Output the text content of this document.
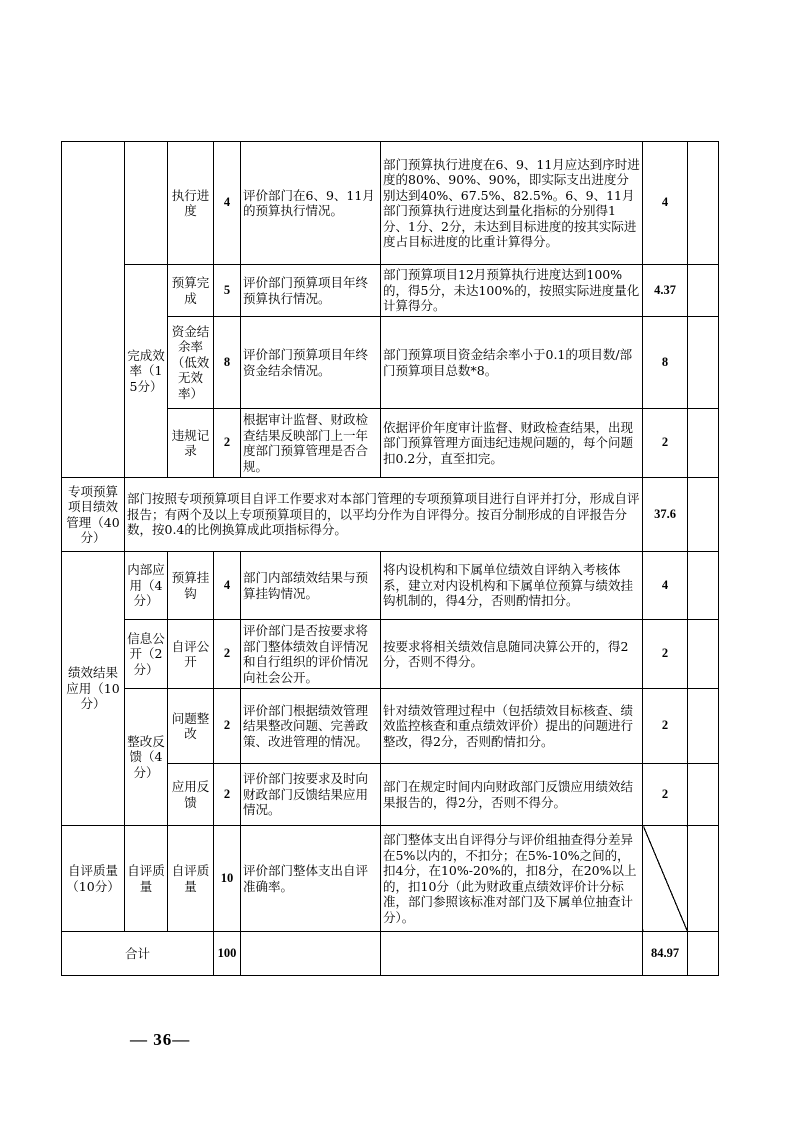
		执行进度	4	评价部门在6、9、11月的预算执行情况。	部门预算执行进度在6、9、11月应达到序时进度的80%、90%、90%，即实际支出进度分别达到40%、67.5%、82.5%。6、9、11月部门预算执行进度达到量化指标的分别得1分、1分、2分，未达到目标进度的按其实际进度占目标进度的比重计算得分。	4	
	完成效率（15分）	预算完成	5	评价部门预算项目年终预算执行情况。	部门预算项目12月预算执行进度达到100%的，得5分，未达100%的，按照实际进度量化计算得分。	4.37	
		资金结余率（低效无效率）	8	评价部门预算项目年终资金结余情况。	部门预算项目资金结余率小于0.1的项目数/部门预算项目总数*8。	8	
		违规记录	2	根据审计监督、财政检查结果反映部门上一年度部门预算管理是否合规。	依据评价年度审计监督、财政检查结果，出现部门预算管理方面违纪违规问题的，每个问题扣0.2分，直至扣完。	2	
专项预算项目绩效管理（40分）	部门按照专项预算项目自评工作要求对本部门管理的专项预算项目进行自评并打分，形成自评报告；有两个及以上专项预算项目的，以平均分作为自评得分。按百分制形成的自评报告分数，按0.4的比例换算成此项指标得分。					37.6	
绩效结果应用（10分）	内部应用（4分）	预算挂钩	4	部门内部绩效结果与预算挂钩情况。	将内设机构和下属单位绩效自评纳入考核体系，建立对内设机构和下属单位预算与绩效挂钩机制的，得4分，否则酌情扣分。	4	
	信息公开（2分）	自评公开	2	评价部门是否按要求将部门整体绩效自评情况和自行组织的评价情况向社会公开。	按要求将相关绩效信息随同决算公开的，得2分，否则不得分。	2	
	整改反馈（4分）	问题整改	2	评价部门根据绩效管理结果整改问题、完善政策、改进管理的情况。	针对绩效管理过程中（包括绩效目标核查、绩效监控核查和重点绩效评价）提出的问题进行整改，得2分，否则酌情扣分。	2	
		应用反馈	2	评价部门按要求及时向财政部门反馈结果应用情况。	部门在规定时间内向财政部门反馈应用绩效结果报告的，得2分，否则不得分。	2	
自评质量（10分）	自评质量	自评质量	10	评价部门整体支出自评准确率。	部门整体支出自评得分与评价组抽查得分差异在5%以内的，不扣分；在5%-10%之间的，扣4分，在10%-20%的，扣8分，在20%以上的，扣10分（此为财政重点绩效评价计分标准，部门参照该标准对部门及下属单位抽查计分）。		
合计			100			84.97	
— 36—
